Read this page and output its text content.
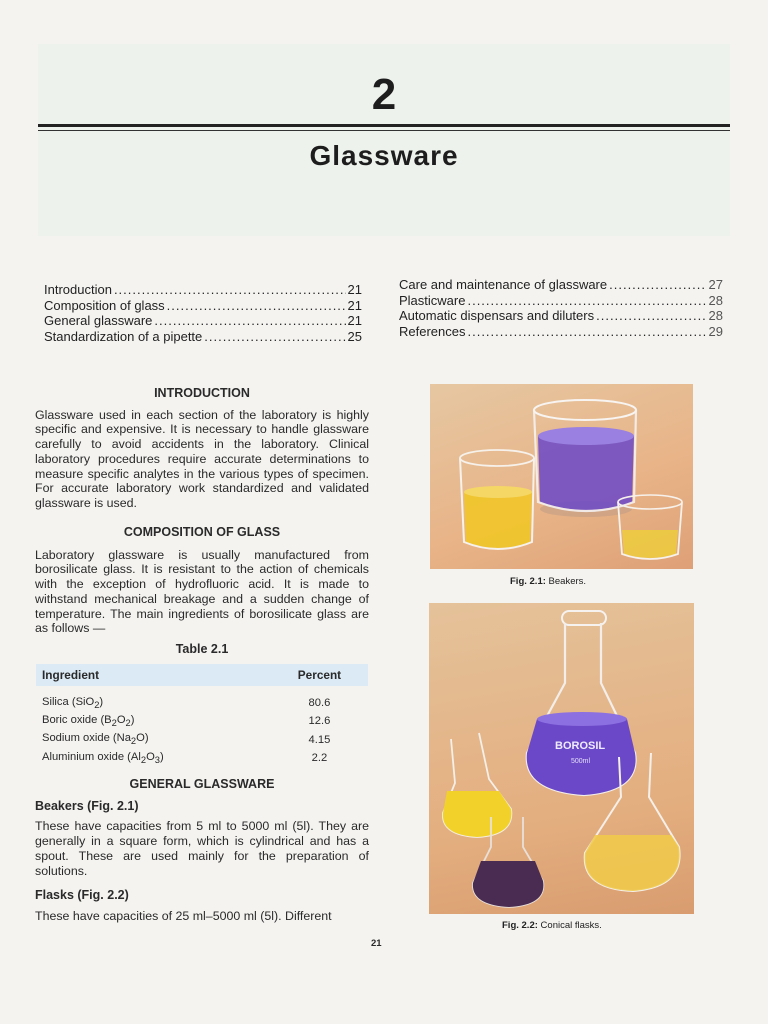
2
Glassware
Introduction .....	21
Composition of glass .....	21
General glassware .....	21
Standardization of a pipette .....	25
Care and maintenance of glassware .....	27
Plasticware .....	28
Automatic dispensars and diluters .....	28
References .....	29
INTRODUCTION
Glassware used in each section of the laboratory is highly specific and expensive. It is necessary to handle glassware carefully to avoid accidents in the laboratory. Clinical laboratory procedures require accurate determinations to measure specific analytes in the various types of specimen. For accurate laboratory work standardized and validated glassware is used.
COMPOSITION OF GLASS
Laboratory glassware is usually manufactured from borosilicate glass. It is resistant to the action of chemicals with the exception of hydrofluoric acid. It is made to withstand mechanical breakage and a sudden change of temperature. The main ingredients of borosilicate glass are as follows —
Table 2.1
Ingredient	Percent

Silica (SiO$_2$)	80.6
Boric oxide $(B_2O_2)$	12.6
Sodium oxide $(Na_2O)$	4.15
Aluminium oxide $(Al_2O_3)$	2.2
GENERAL GLASSWARE
Beakers (Fig. 2.1)
These have capacities from 5 ml to 5000 ml (5l). They are generally in a square form, which is cylindrical and has a spout. These are used mainly for the preparation of solutions.
Flasks (Fig. 2.2)
These have capacities of 25 ml–5000 ml (5l). Different
Fig. 2.1: Beakers.
BOROSIL
500ml
Fig. 2.2: Conical flasks.
21
